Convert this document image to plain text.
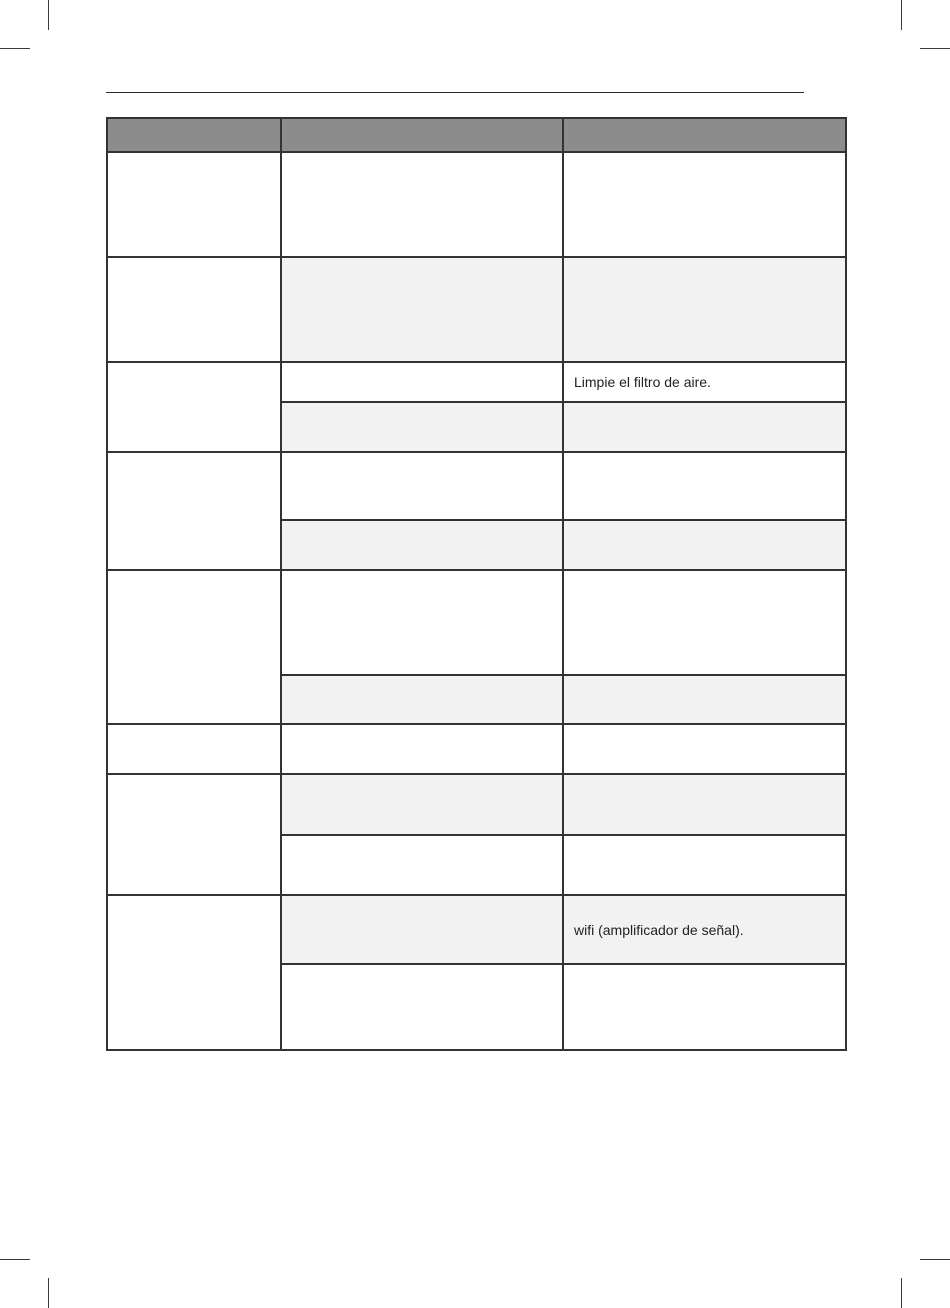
		Limpie el filtro de aire.

		wifi (amplificador de señal).
